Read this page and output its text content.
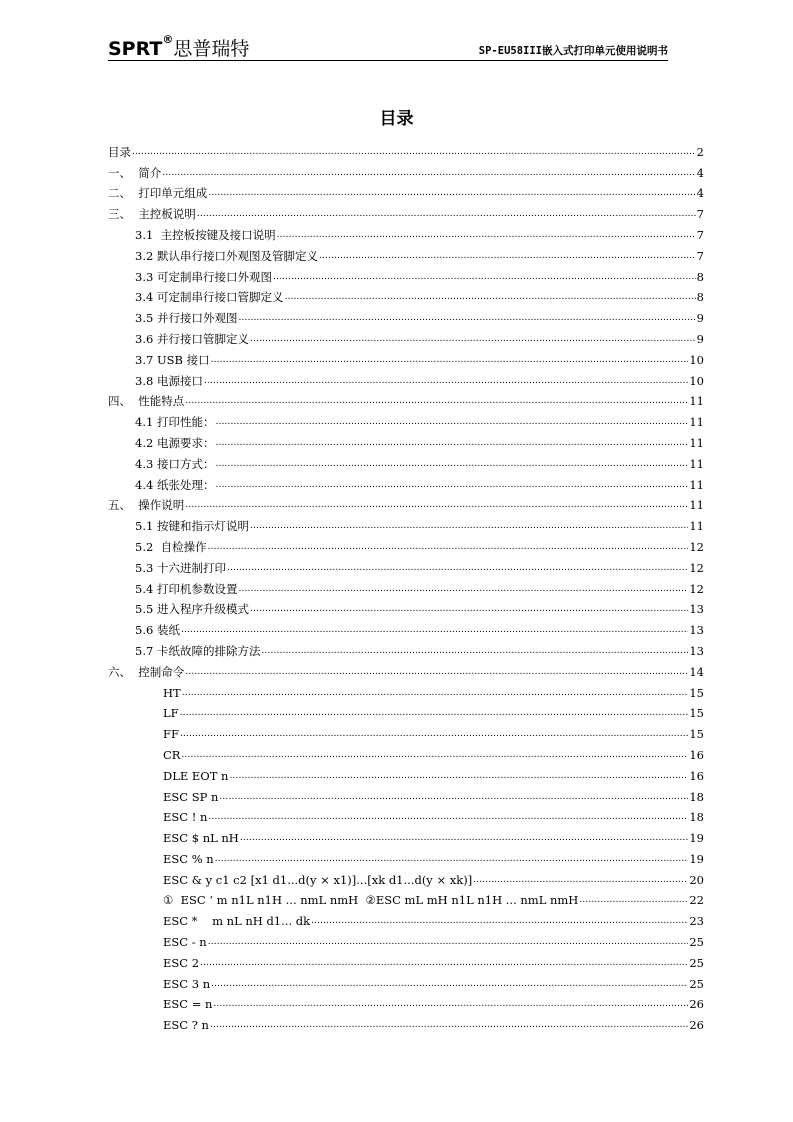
SPRT®思普瑞特	SP-EU58III嵌入式打印单元使用说明书
目录
目录 .....	2
一、  简介 .....	4
二、  打印单元组成 .....	4
三、  主控板说明 .....	7
3.1  主控板按键及接口说明 .....	7
3.2 默认串行接口外观图及管脚定义 .....	7
3.3 可定制串行接口外观图 .....	8
3.4 可定制串行接口管脚定义 .....	8
3.5 并行接口外观图 .....	9
3.6 并行接口管脚定义 .....	9
3.7 USB 接口 .....	10
3.8 电源接口 .....	10
四、  性能特点 .....	11
4.1 打印性能： .....	11
4.2 电源要求： .....	11
4.3 接口方式： .....	11
4.4 纸张处理： .....	11
五、  操作说明 .....	11
5.1 按键和指示灯说明 .....	11
5.2  自检操作 .....	12
5.3 十六进制打印 .....	12
5.4 打印机参数设置 .....	12
5.5 进入程序升级模式 .....	13
5.6 装纸 .....	13
5.7 卡纸故障的排除方法 .....	13
六、  控制命令 .....	14
HT .....	15
LF .....	15
FF .....	15
CR .....	16
DLE EOT n .....	16
ESC SP n .....	18
ESC ! n .....	18
ESC $ nL nH .....	19
ESC % n .....	19
ESC & y c1 c2 [x1 d1...d(y × x1)]...[xk d1...d(y × xk)] .....	20
①  ESC ‘ m n1L n1H ... nmL nmH  ②ESC mL mH n1L n1H ... nmL nmH .....	22
ESC *    m nL nH d1... dk .....	23
ESC - n .....	25
ESC 2 .....	25
ESC 3 n .....	25
ESC = n .....	26
ESC ? n .....	26
